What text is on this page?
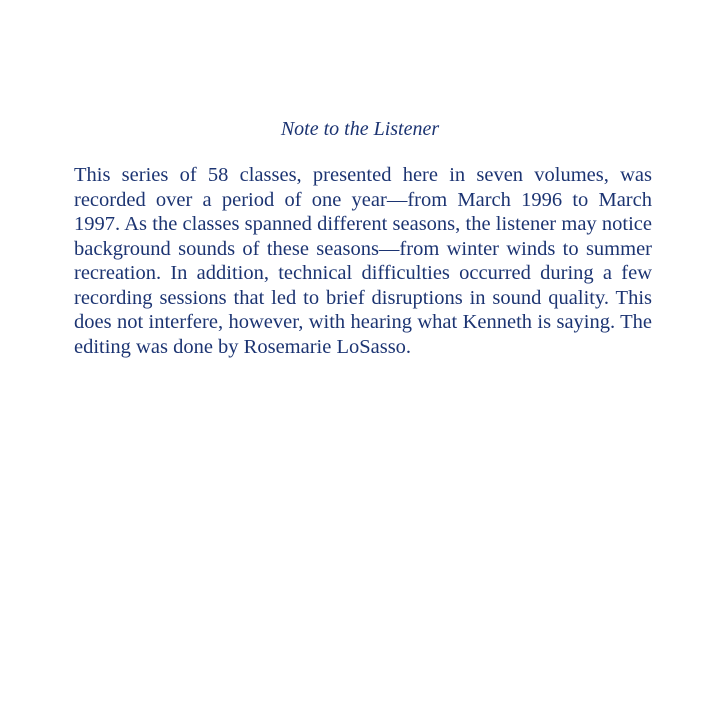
Note to the Listener

This series of 58 classes, presented here in seven volumes, was recorded over a period of one year—from March 1996 to March 1997. As the classes spanned different seasons, the listener may notice background sounds of these seasons—from winter winds to summer recreation. In addition, technical difficulties occurred during a few recording sessions that led to brief disruptions in sound quality. This does not interfere, however, with hearing what Kenneth is saying. The editing was done by Rosemarie LoSasso.
